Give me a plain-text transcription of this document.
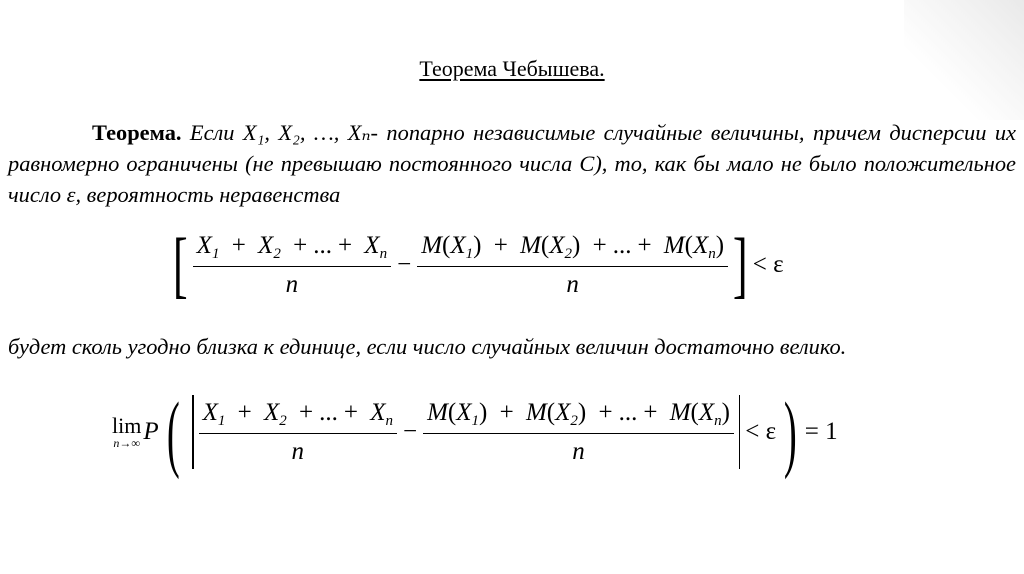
Теорема Чебышева.
Теорема. Если X₁, X₂, …, Xₙ- попарно независимые случайные величины, причем дисперсии их равномерно ограничены (не превышаю постоянного числа С), то, как бы мало не было положительное число ε, вероятность неравенства
[ $\frac{X_1 + X_2 + ... + X_n}{n} - \frac{M(X_1) + M(X_2) + ... + M(X_n)}{n}$ ] < ε
будет сколь угодно близка к единице, если число случайных величин достаточно велико.
lim
n→∞ P ( $\frac{X_1 + X_2 + ... + X_n}{n} - \frac{M(X_1) + M(X_2) + ... + M(X_n)}{n} < \varepsilon$ ) = 1
